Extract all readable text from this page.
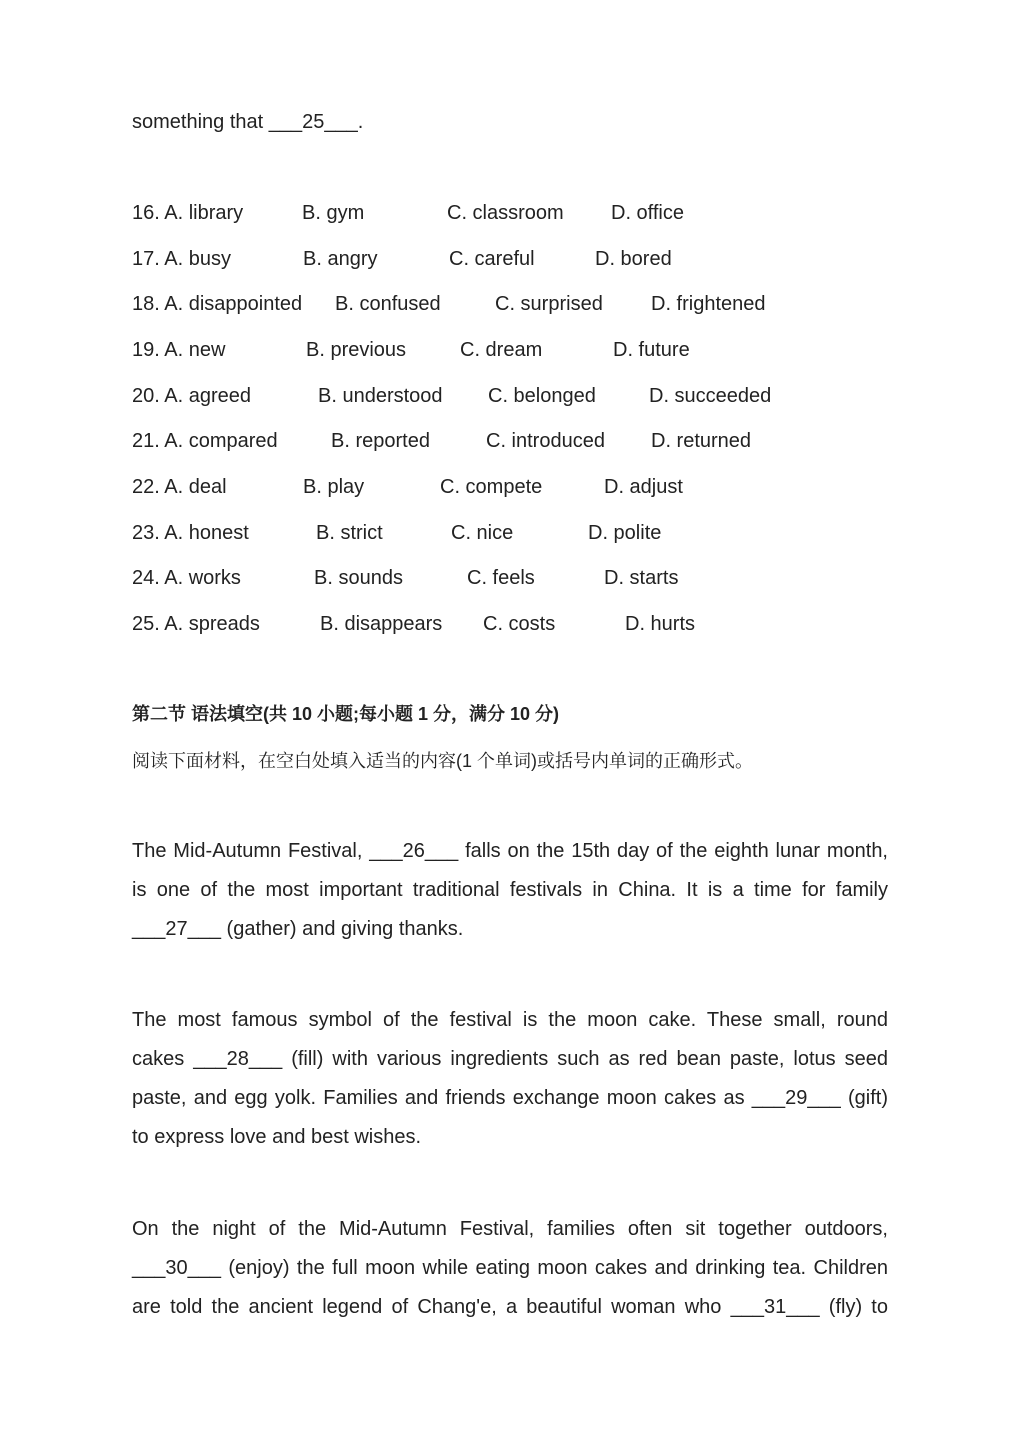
something that ___25___.
16. A. library	B. gym	C. classroom D. office
17. A. busy	B. angry	C. careful	D. bored
18. A. disappointed B. confused	C. surprised D. frightened
19. A. new	B. previous	C. dream	D. future
20. A. agreed	B. understood C. belonged	D. succeeded
21. A. compared	B. reported	C. introduced D. returned
22. A. deal	B. play	C. compete	D. adjust
23. A. honest	B. strict	C. nice	D. polite
24. A. works	B. sounds	C. feels	D. starts
25. A. spreads	B. disappears C. costs	D. hurts
第二节 语法填空(共 10 小题;每小题 1 分，满分 10 分)
阅读下面材料，在空白处填入适当的内容(1 个单词)或括号内单词的正确形式。
The Mid-Autumn Festival, ___26___ falls on the 15th day of the eighth lunar month,
is one of the most important traditional festivals in China. It is a time for family
___27___ (gather) and giving thanks.
The most famous symbol of the festival is the moon cake. These small, round
cakes ___28___ (fill) with various ingredients such as red bean paste, lotus seed
paste, and egg yolk. Families and friends exchange moon cakes as ___29___ (gift)
to express love and best wishes.
On the night of the Mid-Autumn Festival, families often sit together outdoors,
___30___ (enjoy) the full moon while eating moon cakes and drinking tea. Children
are told the ancient legend of Chang'e, a beautiful woman who ___31___ (fly) to
